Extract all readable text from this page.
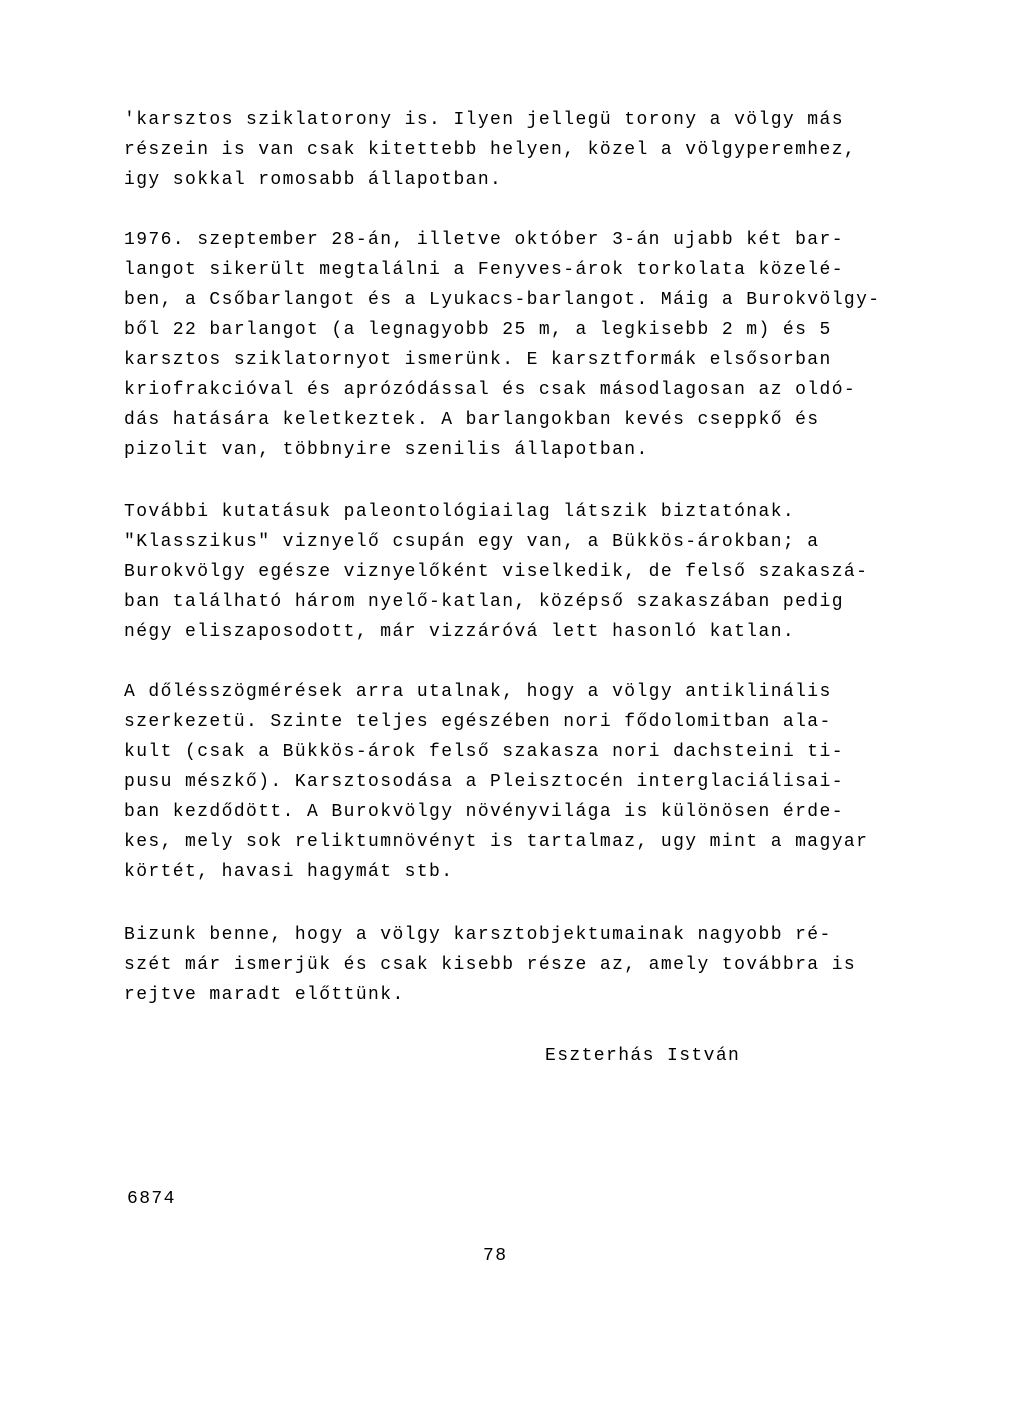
'karsztos sziklatorony is. Ilyen jellegü torony a völgy más
részein is van csak kitettebb helyen, közel a völgyperemhez,
igy sokkal romosabb állapotban.
1976. szeptember 28-án, illetve október 3-án ujabb két bar-
langot sikerült megtalálni a Fenyves-árok torkolata közelé-
ben, a Csőbarlangot és a Lyukacs-barlangot. Máig a Burokvölgy-
ből 22 barlangot (a legnagyobb 25 m, a legkisebb 2 m) és 5
karsztos sziklatornyot ismerünk. E karsztformák elsősorban
kriofrakcióval és aprózódással és csak másodlagosan az oldó-
dás hatására keletkeztek. A barlangokban kevés cseppkő és
pizolit van, többnyire szenilis állapotban.
További kutatásuk paleontológiailag látszik biztatónak.
"Klasszikus" viznyelő csupán egy van, a Bükkös-árokban; a
Burokvölgy egésze viznyelőként viselkedik, de felső szakaszá-
ban található három nyelő-katlan, középső szakaszában pedig
négy eliszaposodott, már vizzáróvá lett hasonló katlan.
A dőlésszögmérések arra utalnak, hogy a völgy antiklinális
szerkezetü. Szinte teljes egészében nori fődolomitban ala-
kult (csak a Bükkös-árok felső szakasza nori dachsteini ti-
pusu mészkő). Karsztosodása a Pleisztocén interglaciálisai-
ban kezdődött. A Burokvölgy növényvilága is különösen érde-
kes, mely sok reliktumnövényt is tartalmaz, ugy mint a magyar
körtét, havasi hagymát stb.
Bizunk benne, hogy a völgy karsztobjektumainak nagyobb ré-
szét már ismerjük és csak kisebb része az, amely továbbra is
rejtve maradt előttünk.
Eszterhás István
6874
78
